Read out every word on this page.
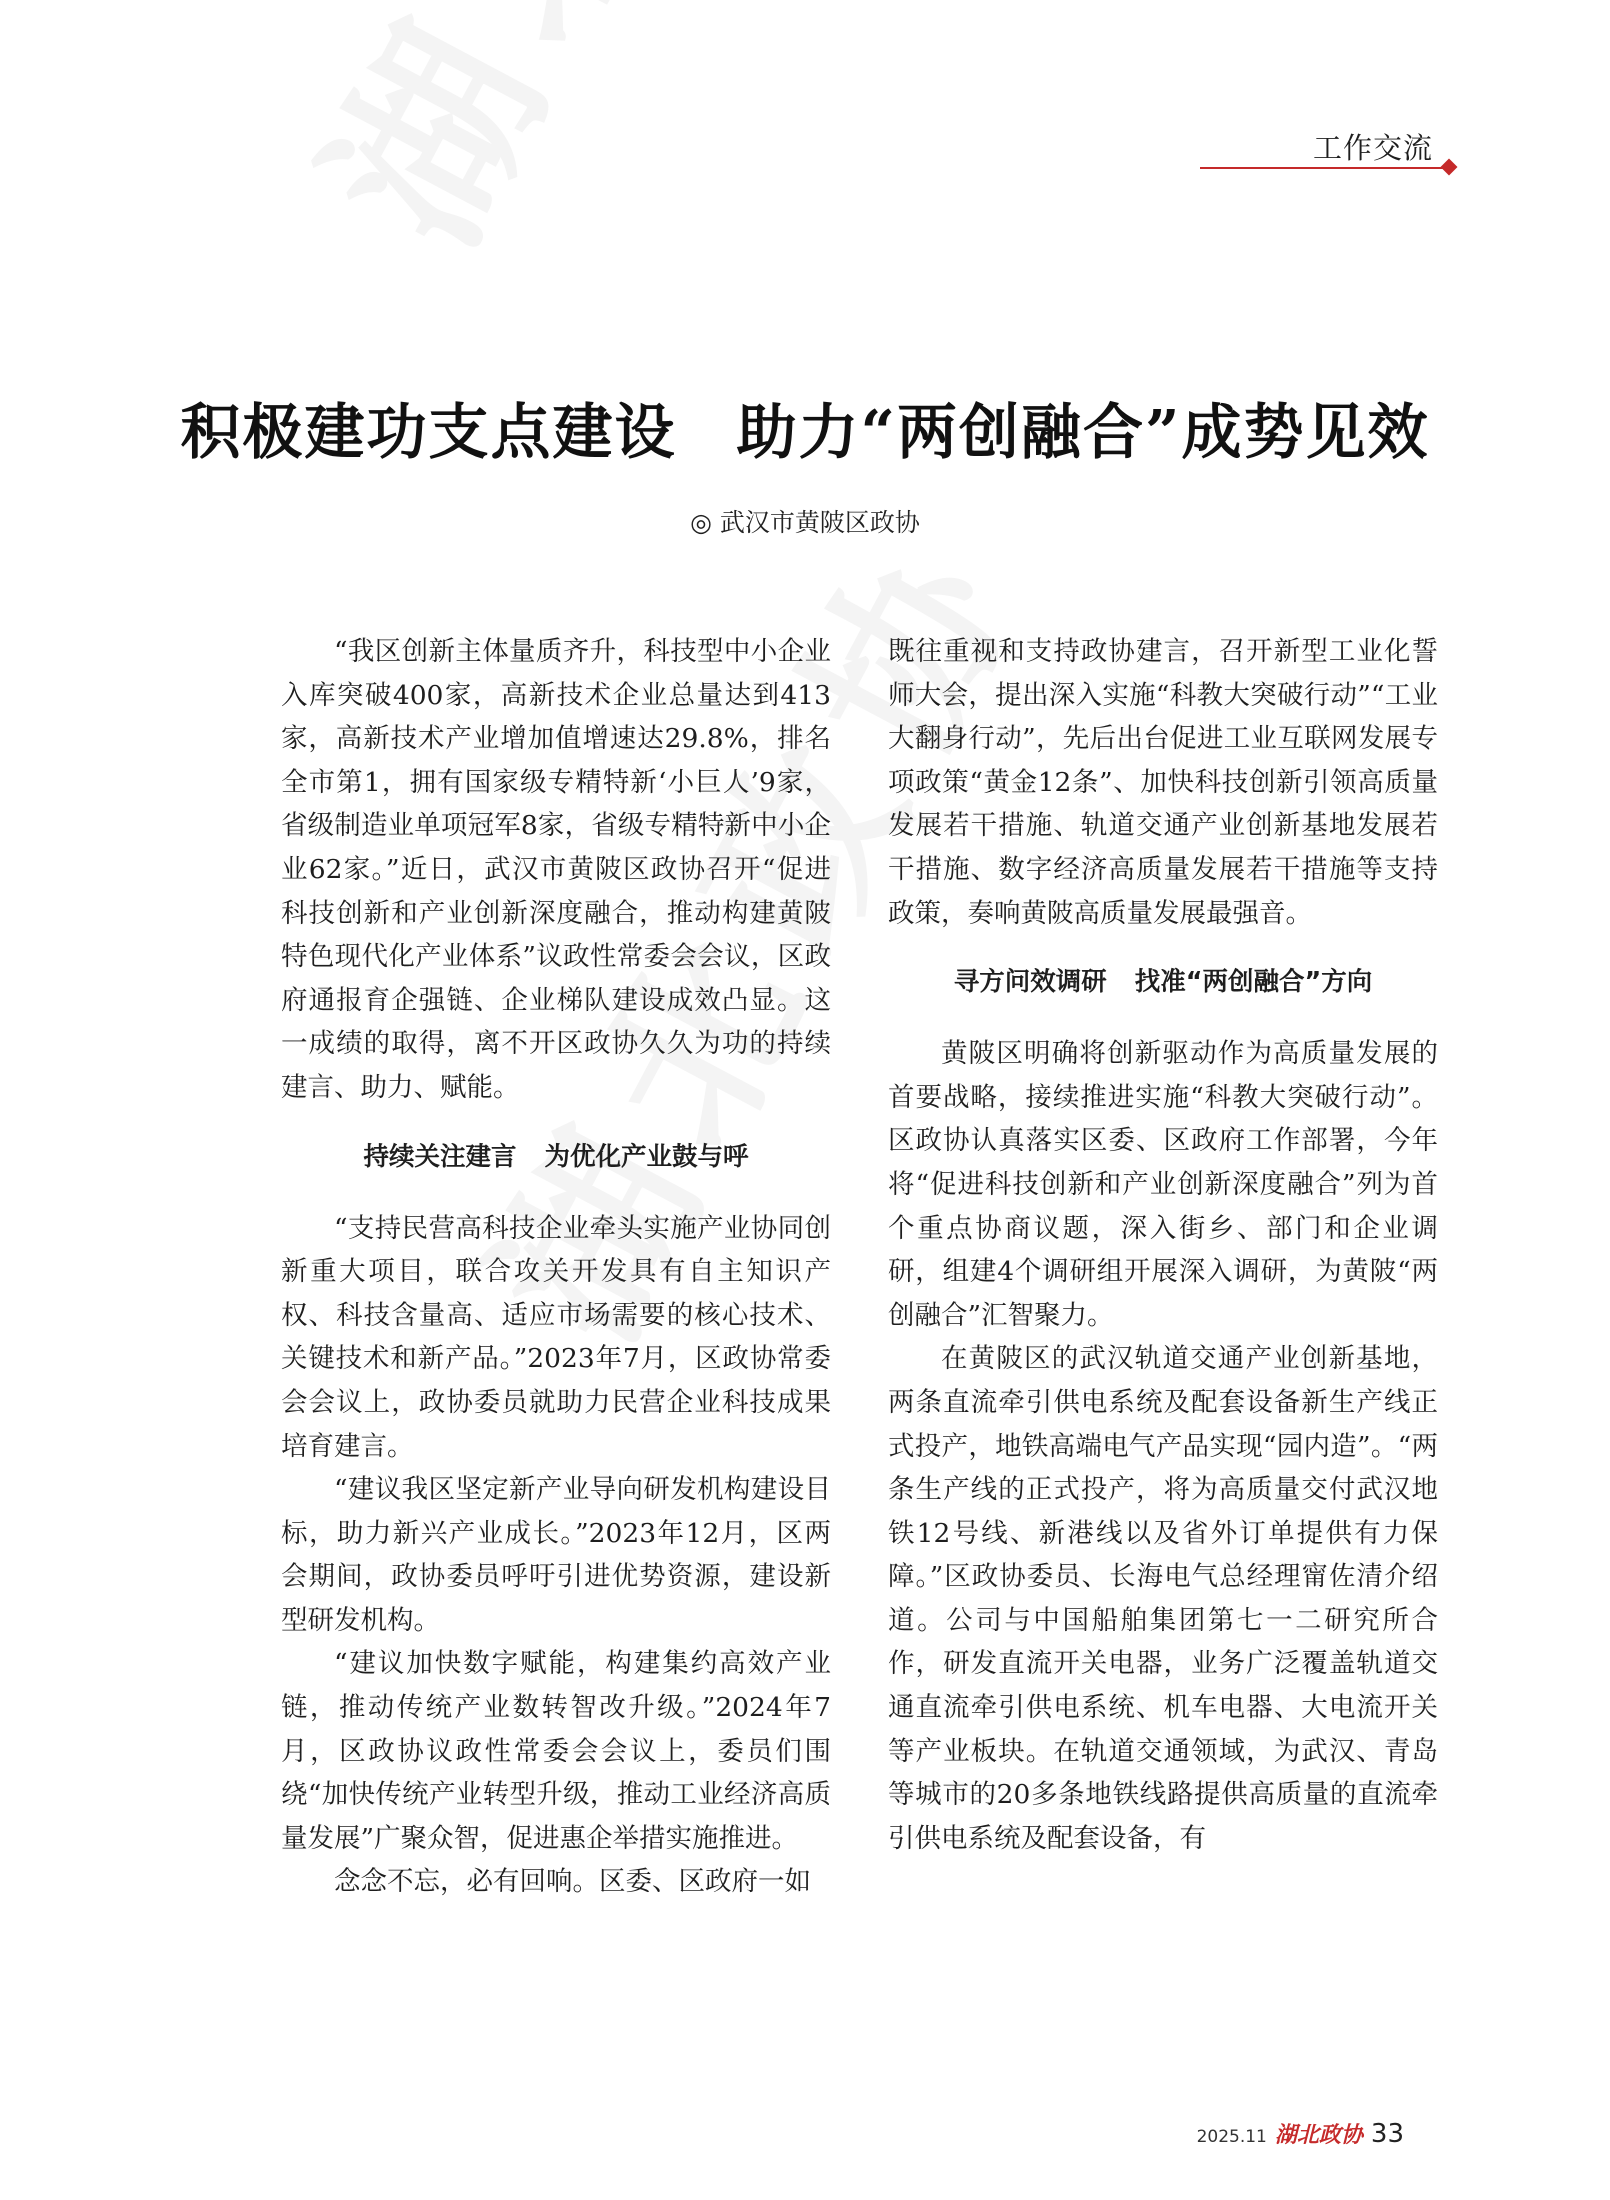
工作交流
积极建功支点建设 助力“两创融合”成势见效
◎ 武汉市黄陂区政协

“我区创新主体量质齐升，科技型中小企业入库突破400家，高新技术企业总量达到413家，高新技术产业增加值增速达29.8%，排名全市第1，拥有国家级专精特新‘小巨人’9家，省级制造业单项冠军8家，省级专精特新中小企业62家。”近日，武汉市黄陂区政协召开“促进科技创新和产业创新深度融合，推动构建黄陂特色现代化产业体系”议政性常委会会议，区政府通报育企强链、企业梯队建设成效凸显。这一成绩的取得，离不开区政协久久为功的持续建言、助力、赋能。

持续关注建言 为优化产业鼓与呼

“支持民营高科技企业牵头实施产业协同创新重大项目，联合攻关开发具有自主知识产权、科技含量高、适应市场需要的核心技术、关键技术和新产品。”2023年7月，区政协常委会会议上，政协委员就助力民营企业科技成果培育建言。

“建议我区坚定新产业导向研发机构建设目标，助力新兴产业成长。”2023年12月，区两会期间，政协委员呼吁引进优势资源，建设新型研发机构。

“建议加快数字赋能，构建集约高效产业链，推动传统产业数转智改升级。”2024年7月，区政协议政性常委会会议上，委员们围绕“加快传统产业转型升级，推动工业经济高质量发展”广聚众智，促进惠企举措实施推进。

念念不忘，必有回响。区委、区政府一如

既往重视和支持政协建言，召开新型工业化誓师大会，提出深入实施“科教大突破行动”“工业大翻身行动”，先后出台促进工业互联网发展专项政策“黄金12条”、加快科技创新引领高质量发展若干措施、轨道交通产业创新基地发展若干措施、数字经济高质量发展若干措施等支持政策，奏响黄陂高质量发展最强音。

寻方问效调研 找准“两创融合”方向

黄陂区明确将创新驱动作为高质量发展的首要战略，接续推进实施“科教大突破行动”。区政协认真落实区委、区政府工作部署，今年将“促进科技创新和产业创新深度融合”列为首个重点协商议题，深入街乡、部门和企业调研，组建4个调研组开展深入调研，为黄陂“两创融合”汇智聚力。

在黄陂区的武汉轨道交通产业创新基地，两条直流牵引供电系统及配套设备新生产线正式投产，地铁高端电气产品实现“园内造”。“两条生产线的正式投产，将为高质量交付武汉地铁12号线、新港线以及省外订单提供有力保障。”区政协委员、长海电气总经理甯佐清介绍道。公司与中国船舶集团第七一二研究所合作，研发直流开关电器，业务广泛覆盖轨道交通直流牵引供电系统、机车电器、大电流开关等产业板块。在轨道交通领域，为武汉、青岛等城市的20多条地铁线路提供高质量的直流牵引供电系统及配套设备，有

2025.11 湖北政协 33
